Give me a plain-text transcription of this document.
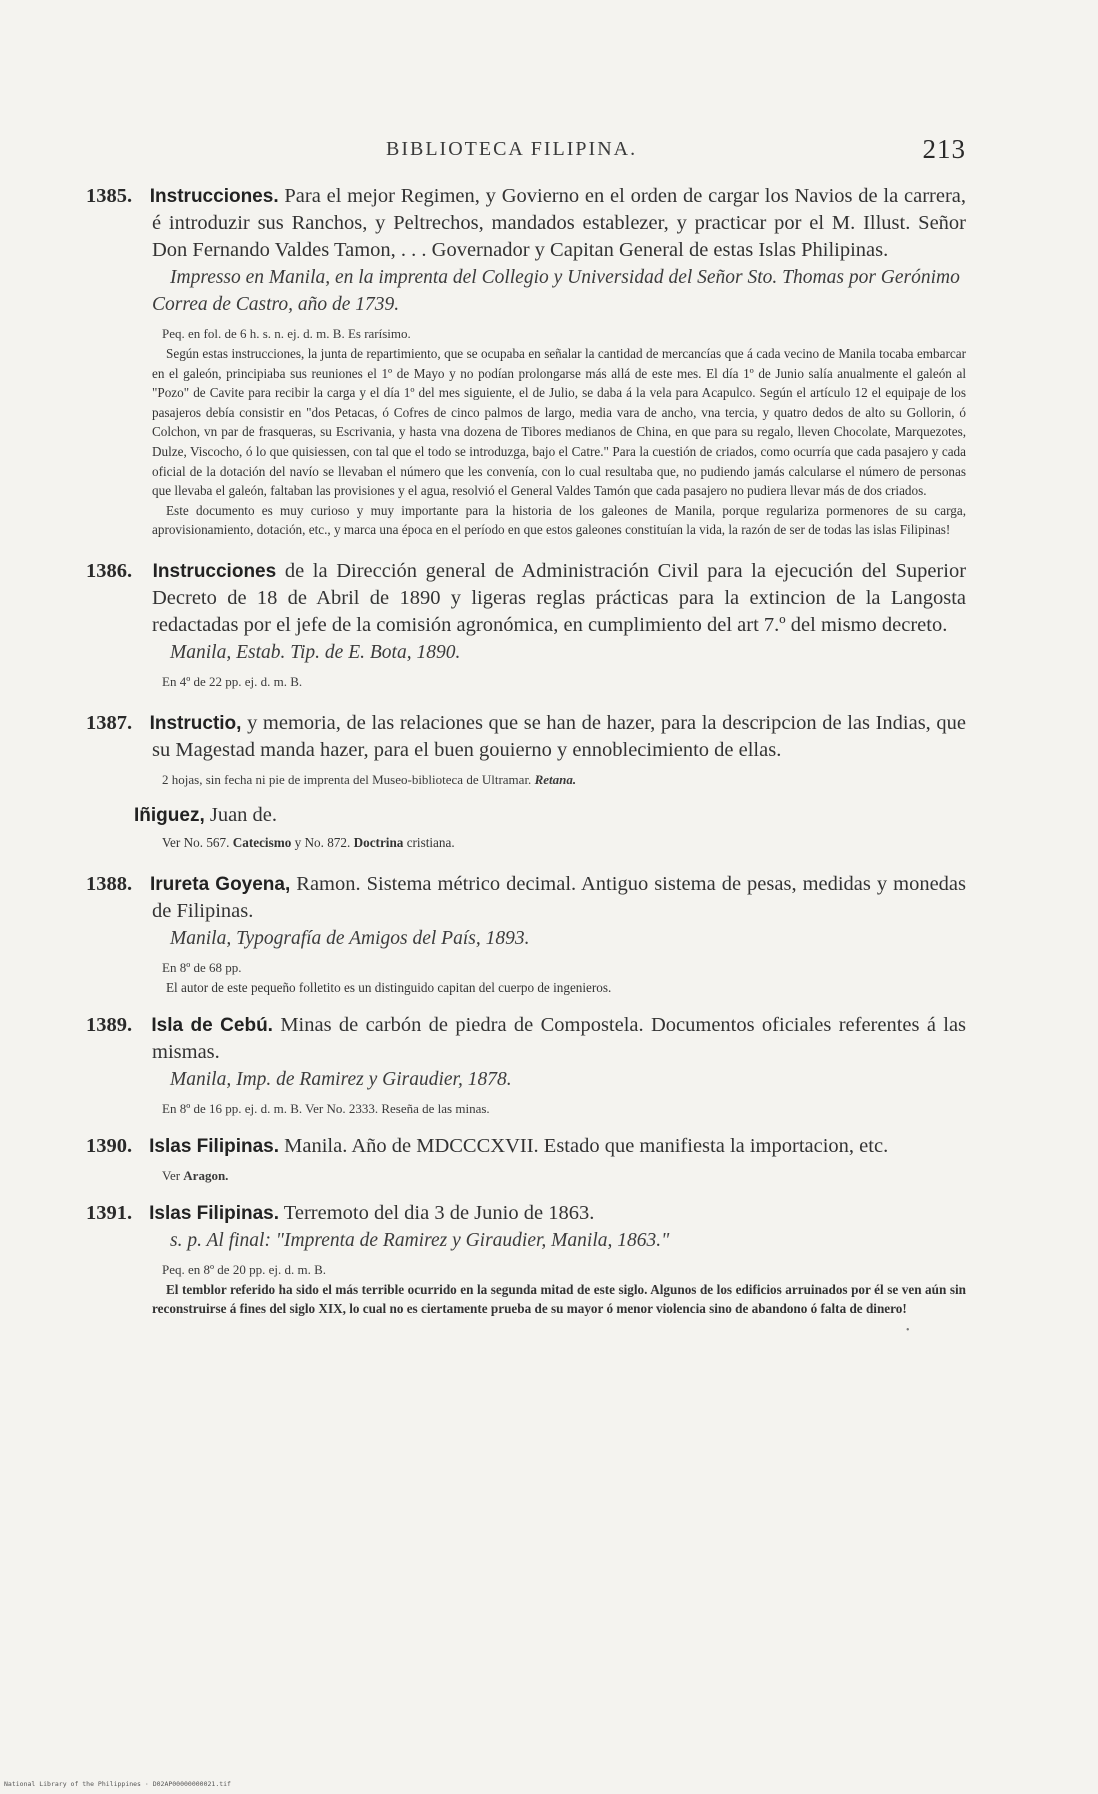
BIBLIOTECA FILIPINA.	213

1385. Instrucciones. Para el mejor Regimen, y Govierno en el orden de cargar los Navios de la carrera, é introduzir sus Ranchos, y Peltrechos, mandados establezer, y practicar por el M. Illust. Señor Don Fernando Valdes Tamon, . . . Governador y Capitan General de estas Islas Philipinas.

Impresso en Manila, en la imprenta del Collegio y Universidad del Señor Sto. Thomas por Gerónimo Correa de Castro, año de 1739.

Peq. en fol. de 6 h. s. n. ej. d. m. B. Es rarísimo.

Según estas instrucciones, la junta de repartimiento, que se ocupaba en señalar la cantidad de mercancías que á cada vecino de Manila tocaba embarcar en el galeón, principiaba sus reuniones el 1º de Mayo y no podían prolongarse más allá de este mes. El día 1º de Junio salía anualmente el galeón al "Pozo" de Cavite para recibir la carga y el día 1º del mes siguiente, el de Julio, se daba á la vela para Acapulco. Según el artículo 12 el equipaje de los pasajeros debía consistir en "dos Petacas, ó Cofres de cinco palmos de largo, media vara de ancho, vna tercia, y quatro dedos de alto su Gollorin, ó Colchon, vn par de frasqueras, su Escrivania, y hasta vna dozena de Tibores medianos de China, en que para su regalo, lleven Chocolate, Marquezotes, Dulze, Viscocho, ó lo que quisiessen, con tal que el todo se introduzga, bajo el Catre." Para la cuestión de criados, como ocurría que cada pasajero y cada oficial de la dotación del navío se llevaban el número que les convenía, con lo cual resultaba que, no pudiendo jamás calcularse el número de personas que llevaba el galeón, faltaban las provisiones y el agua, resolvió el General Valdes Tamón que cada pasajero no pudiera llevar más de dos criados.

Este documento es muy curioso y muy importante para la historia de los galeones de Manila, porque regulariza pormenores de su carga, aprovisionamiento, dotación, etc., y marca una época en el período en que estos galeones constituían la vida, la razón de ser de todas las islas Filipinas!

1386. Instrucciones de la Dirección general de Administración Civil para la ejecución del Superior Decreto de 18 de Abril de 1890 y ligeras reglas prácticas para la extincion de la Langosta redactadas por el jefe de la comisión agronómica, en cumplimiento del art 7.º del mismo decreto.

Manila, Estab. Tip. de E. Bota, 1890.

En 4º de 22 pp. ej. d. m. B.

1387. Instructio, y memoria, de las relaciones que se han de hazer, para la descripcion de las Indias, que su Magestad manda hazer, para el buen gouierno y ennoblecimiento de ellas.

2 hojas, sin fecha ni pie de imprenta del Museo-biblioteca de Ultramar. Retana.

Iñiguez, Juan de.

Ver No. 567. Catecismo y No. 872. Doctrina cristiana.

1388. Irureta Goyena, Ramon. Sistema métrico decimal. Antiguo sistema de pesas, medidas y monedas de Filipinas.

Manila, Typografía de Amigos del País, 1893.

En 8º de 68 pp.

El autor de este pequeño folletito es un distinguido capitan del cuerpo de ingenieros.

1389. Isla de Cebú. Minas de carbón de piedra de Compostela. Documentos oficiales referentes á las mismas.

Manila, Imp. de Ramirez y Giraudier, 1878.

En 8º de 16 pp. ej. d. m. B. Ver No. 2333. Reseña de las minas.

1390. Islas Filipinas. Manila. Año de MDCCCXVII. Estado que manifiesta la importacion, etc.

Ver Aragon.

1391. Islas Filipinas. Terremoto del dia 3 de Junio de 1863.

s. p. Al final: "Imprenta de Ramirez y Giraudier, Manila, 1863."

Peq. en 8º de 20 pp. ej. d. m. B.

El temblor referido ha sido el más terrible ocurrido en la segunda mitad de este siglo. Algunos de los edificios arruinados por él se ven aún sin reconstruirse á fines del siglo XIX, lo cual no es ciertamente prueba de su mayor ó menor violencia sino de abandono ó falta de dinero!

•
National Library of the Philippines · D02AP00000000021.tif
